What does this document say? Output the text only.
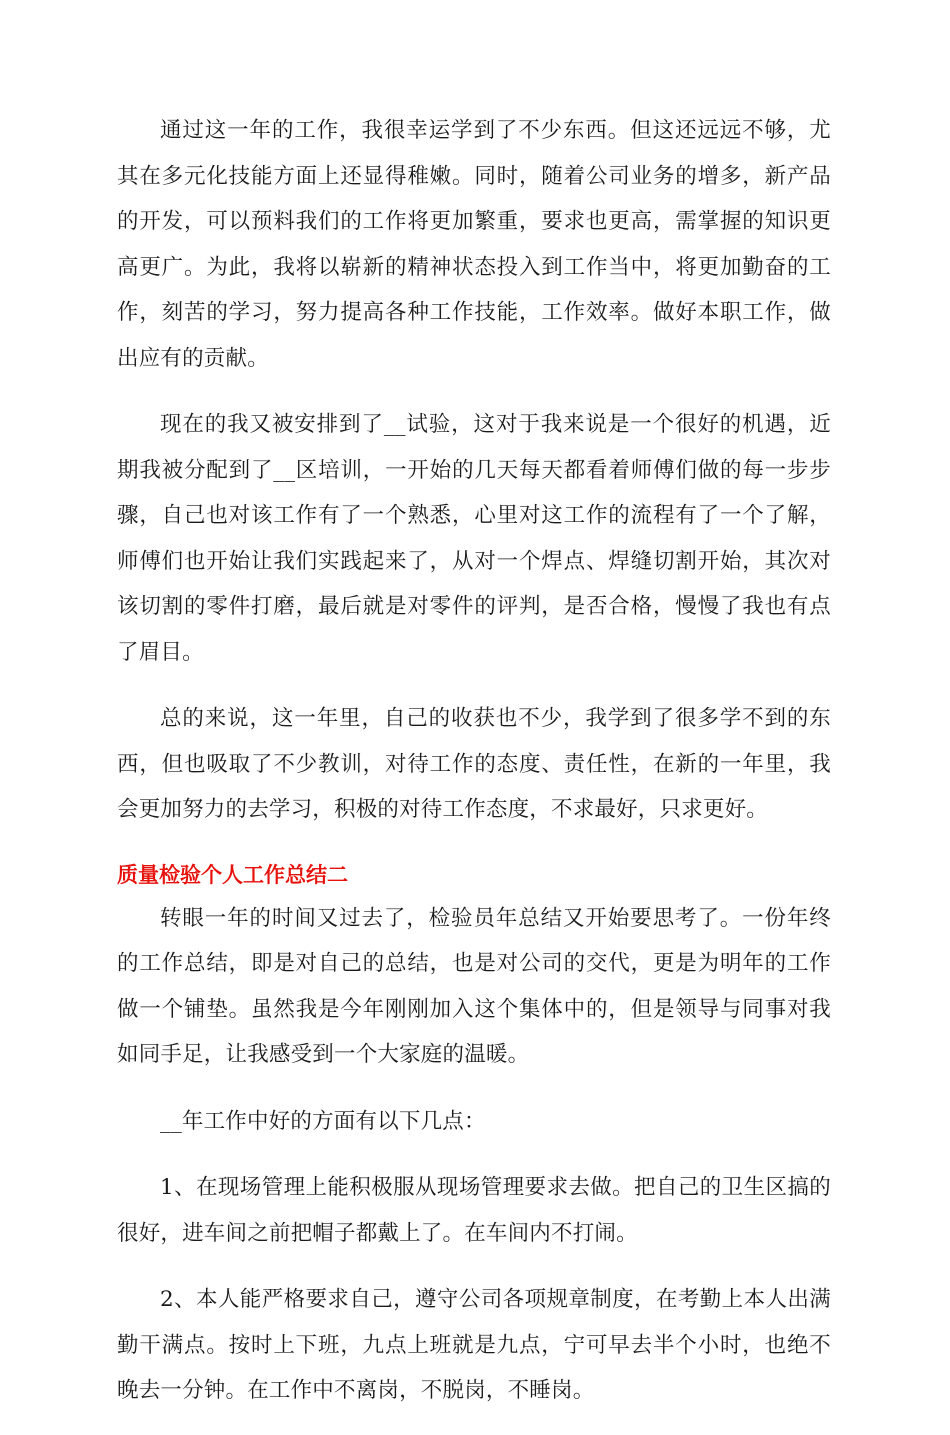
通过这一年的工作，我很幸运学到了不少东西。但这还远远不够，尤其在多元化技能方面上还显得稚嫩。同时，随着公司业务的增多，新产品的开发，可以预料我们的工作将更加繁重，要求也更高，需掌握的知识更高更广。为此，我将以崭新的精神状态投入到工作当中，将更加勤奋的工作，刻苦的学习，努力提高各种工作技能，工作效率。做好本职工作，做出应有的贡献。

现在的我又被安排到了__试验，这对于我来说是一个很好的机遇，近期我被分配到了__区培训，一开始的几天每天都看着师傅们做的每一步步骤，自己也对该工作有了一个熟悉，心里对这工作的流程有了一个了解，师傅们也开始让我们实践起来了，从对一个焊点、焊缝切割开始，其次对该切割的零件打磨，最后就是对零件的评判，是否合格，慢慢了我也有点了眉目。

总的来说，这一年里，自己的收获也不少，我学到了很多学不到的东西，但也吸取了不少教训，对待工作的态度、责任性，在新的一年里，我会更加努力的去学习，积极的对待工作态度，不求最好，只求更好。

质量检验个人工作总结二

转眼一年的时间又过去了，检验员年总结又开始要思考了。一份年终的工作总结，即是对自己的总结，也是对公司的交代，更是为明年的工作做一个铺垫。虽然我是今年刚刚加入这个集体中的，但是领导与同事对我如同手足，让我感受到一个大家庭的温暖。

__年工作中好的方面有以下几点：

1、在现场管理上能积极服从现场管理要求去做。把自己的卫生区搞的很好，进车间之前把帽子都戴上了。在车间内不打闹。

2、本人能严格要求自己，遵守公司各项规章制度，在考勤上本人出满勤干满点。按时上下班，九点上班就是九点，宁可早去半个小时，也绝不晚去一分钟。在工作中不离岗，不脱岗，不睡岗。
